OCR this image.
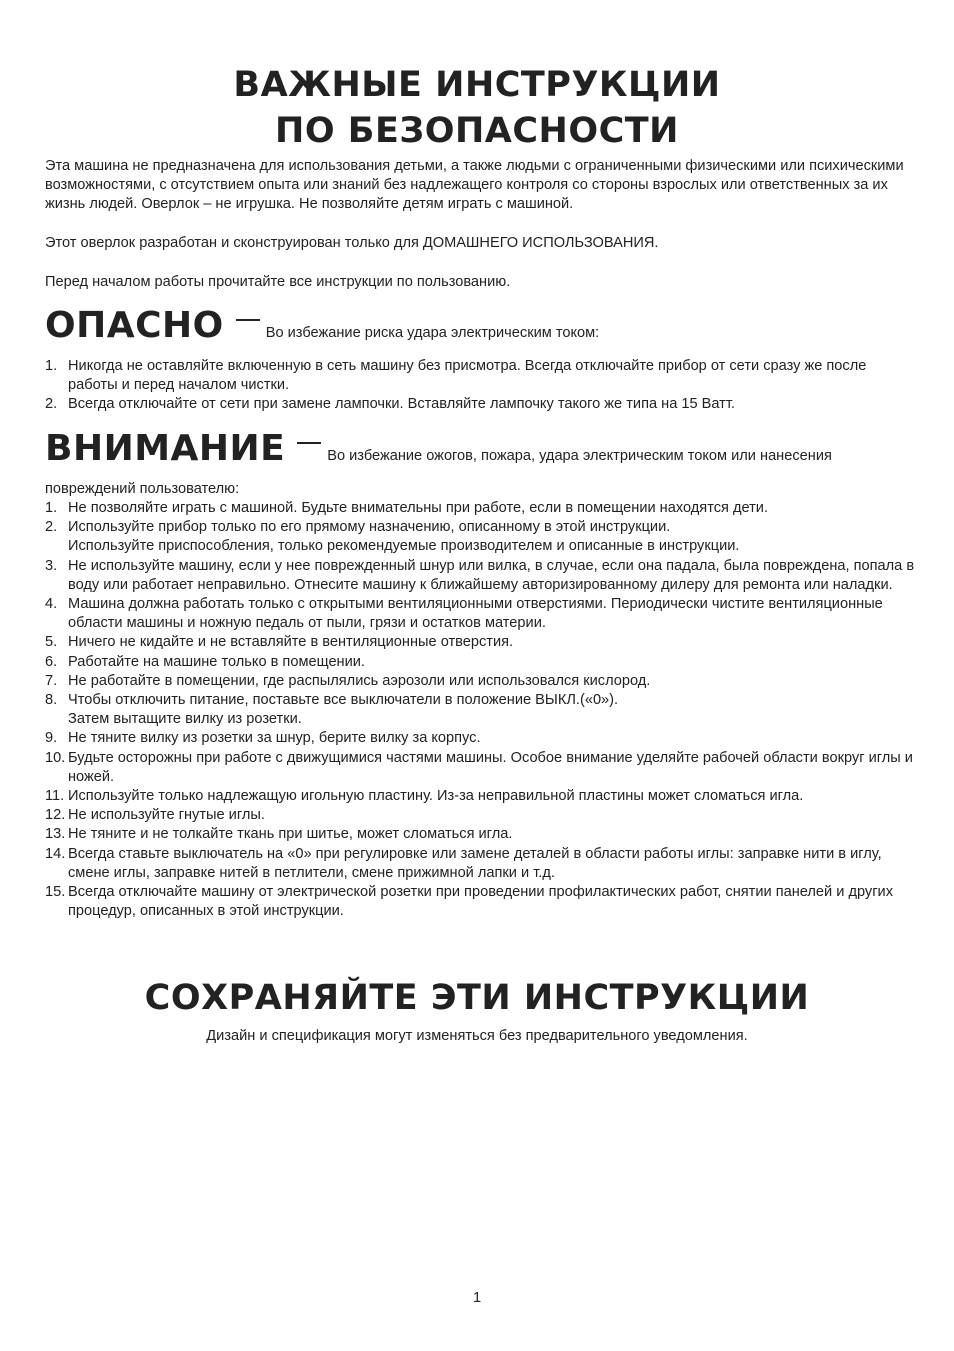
ВАЖНЫЕ ИНСТРУКЦИИ
ПО БЕЗОПАСНОСТИ

Эта машина не предназначена для использования детьми, а также людьми с ограниченными физическими или психическими возможностями, с отсутствием опыта или знаний без надлежащего контроля со стороны взрослых или ответственных за их жизнь людей. Оверлок – не игрушка. Не позволяйте детям играть с машиной.

Этот оверлок разработан и сконструирован только для ДОМАШНЕГО ИСПОЛЬЗОВАНИЯ.

Перед началом работы прочитайте все инструкции по пользованию.

ОПАСНО	Во избежание риска удара электрическим током:
1. Никогда не оставляйте включенную в сеть машину без присмотра. Всегда отключайте прибор от сети сразу же после работы и перед началом чистки.
2. Всегда отключайте от сети при замене лампочки. Вставляйте лампочку такого же типа на 15 Ватт.
ВНИМАНИЕ	Во избежание ожогов, пожара, удара электрическим током или нанесения

повреждений пользователю:

1. Не позволяйте играть с машиной. Будьте внимательны при работе, если в помещении находятся дети.
2. Используйте прибор только по его прямому назначению, описанному в этой инструкции.
Используйте приспособления, только рекомендуемые производителем и описанные в инструкции.
3. Не используйте машину, если у нее поврежденный шнур или вилка, в случае, если она падала, была повреждена, попала в воду или работает неправильно. Отнесите машину к ближайшему авторизированному дилеру для ремонта или наладки.
4. Машина должна работать только с открытыми вентиляционными отверстиями. Периодически чистите вентиляционные области машины и ножную педаль от пыли, грязи и остатков материи.
5. Ничего не кидайте и не вставляйте в вентиляционные отверстия.
6. Работайте на машине только в помещении.
7. Не работайте в помещении, где распылялись аэрозоли или использовался кислород.
8. Чтобы отключить питание, поставьте все выключатели в положение ВЫКЛ.(«0»).
Затем вытащите вилку из розетки.
9. Не тяните вилку из розетки за шнур, берите вилку за корпус.
10. Будьте осторожны при работе с движущимися частями машины. Особое внимание уделяйте рабочей области вокруг иглы и ножей.
11. Используйте только надлежащую игольную пластину. Из-за неправильной пластины может сломаться игла.
12. Не используйте гнутые иглы.
13. Не тяните и не толкайте ткань при шитье, может сломаться игла.
14. Всегда ставьте выключатель на «0» при регулировке или замене деталей в области работы иглы: заправке нити в иглу, смене иглы, заправке нитей в петлители, смене прижимной лапки и т.д.
15. Всегда отключайте машину от электрической розетки при проведении профилактических работ, снятии панелей и других процедур, описанных в этой инструкции.
СОХРАНЯЙТЕ ЭТИ ИНСТРУКЦИИ

Дизайн и спецификация могут изменяться без предварительного уведомления.

1
